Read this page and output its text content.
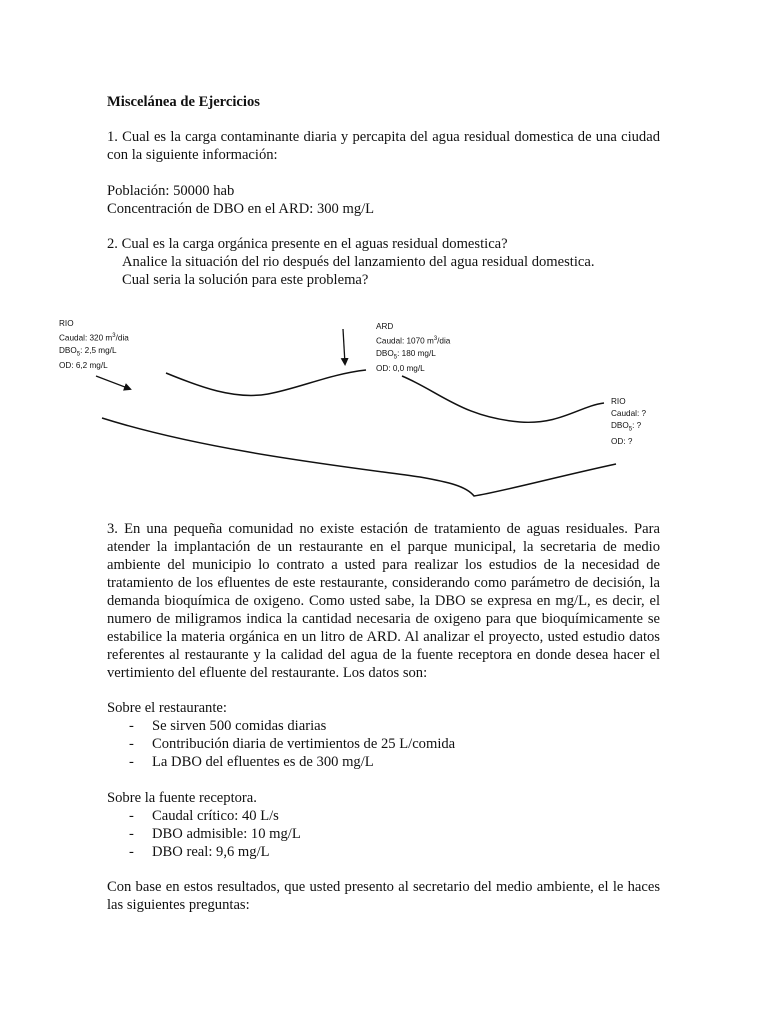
Miscelánea de Ejercicios
1. Cual es la carga contaminante diaria y percapita del agua residual domestica de una ciudad con la siguiente información:
Población: 50000 hab
Concentración de DBO en el ARD: 300 mg/L
2. Cual es la carga orgánica presente en el aguas residual domestica?
Analice la situación del rio después del lanzamiento del agua residual domestica.
Cual seria la solución para este problema?
RIO
Caudal: 320 $m^3$/dia
$DBO_5$: 2,5 mg/L
OD: 6,2 mg/L
ARD
Caudal: 1070 $m^3$/dia
$DBO_5$: 180 mg/L
OD: 0,0 mg/L
RIO
Caudal: ?
$DBO_5$: ?
OD: ?
3. En una pequeña comunidad no existe estación de tratamiento de aguas residuales. Para atender la implantación de un restaurante en el parque municipal, la secretaria de medio ambiente del municipio lo contrato a usted para realizar los estudios de la necesidad de tratamiento de los efluentes de este restaurante, considerando como parámetro de decisión, la demanda bioquímica de oxigeno. Como usted sabe, la DBO se expresa en mg/L, es decir, el numero de miligramos indica la cantidad necesaria de oxigeno para que bioquímicamente se estabilice la materia orgánica en un litro de ARD. Al analizar el proyecto, usted estudio datos referentes al restaurante y la calidad del agua de la fuente receptora en donde desea hacer el vertimiento del efluente del restaurante. Los datos son:
Sobre el restaurante:
- Se sirven 500 comidas diarias
- Contribución diaria de vertimientos de 25 L/comida
- La DBO del efluentes es de 300 mg/L
Sobre la fuente receptora.
- Caudal crítico: 40 L/s
- DBO admisible: 10 mg/L
- DBO real: 9,6 mg/L
Con base en estos resultados, que usted presento al secretario del medio ambiente, el le haces las siguientes preguntas:
